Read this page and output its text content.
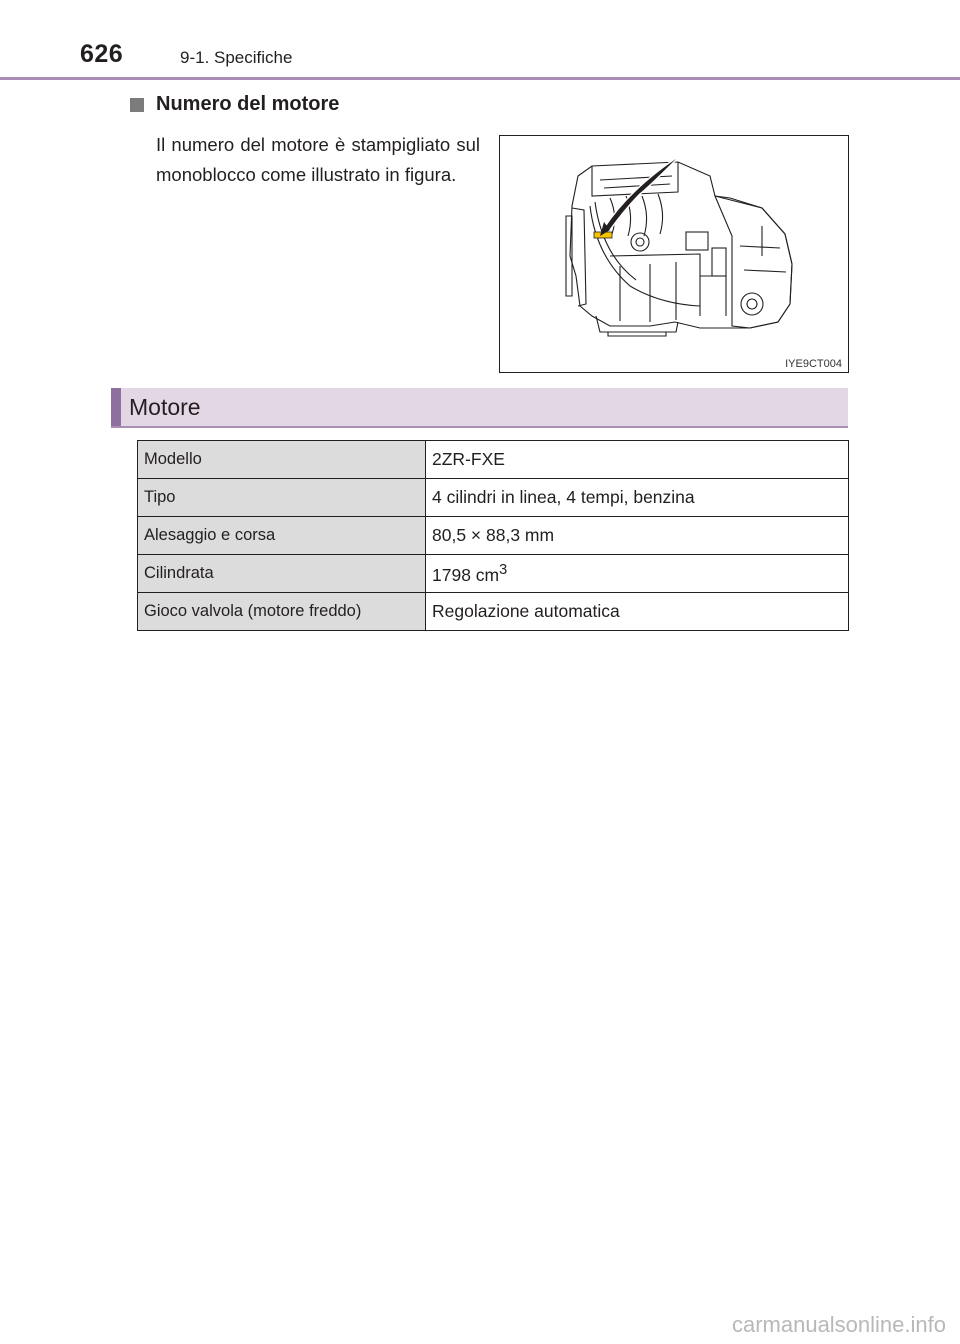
626	9-1. Specifiche
Numero del motore
Il numero del motore è stampigliato sul monoblocco come illustrato in figura.
IYE9CT004
Motore
Modello	2ZR-FXE
Tipo	4 cilindri in linea, 4 tempi, benzina
Alesaggio e corsa	80,5 × 88,3 mm
Cilindrata	1798 $cm^3$
Gioco valvola (motore freddo)	Regolazione automatica
carmanualsonline.info
